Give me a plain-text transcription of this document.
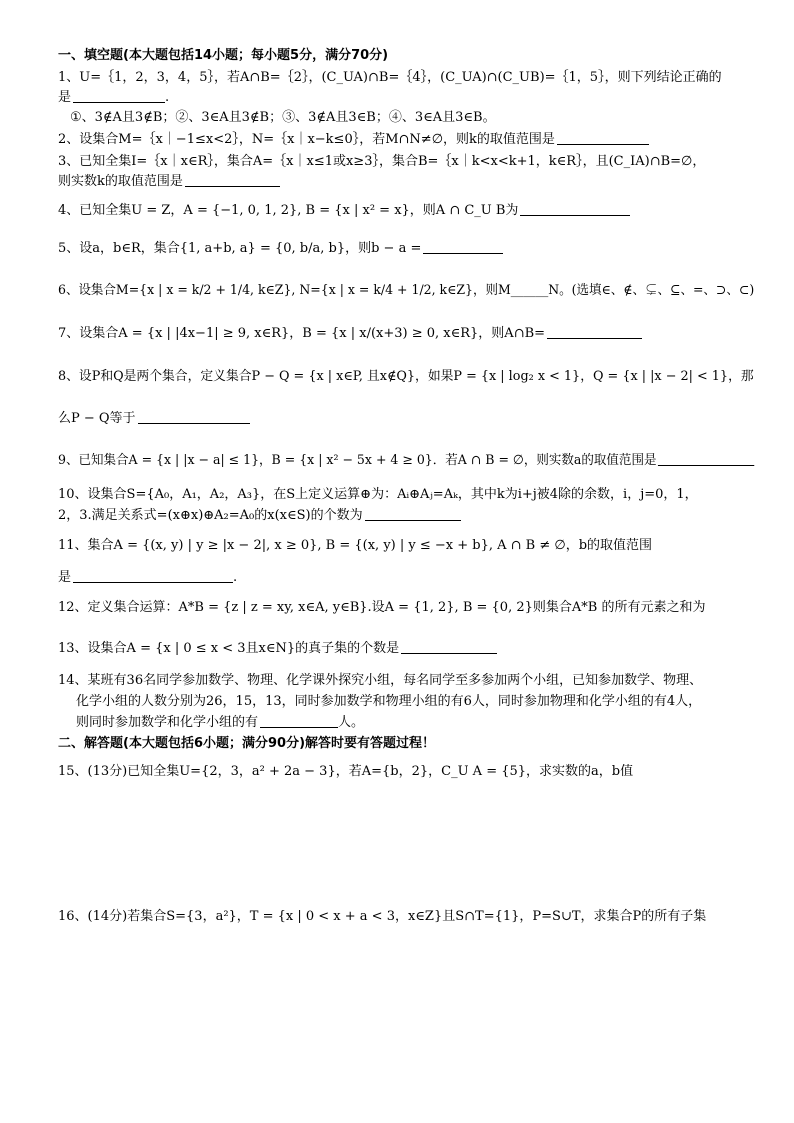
一、填空题(本大题包括14小题；每小题5分，满分70分)
1、U=｛1，2，3，4，5｝，若A∩B=｛2｝，(C_UA)∩B=｛4｝，(C_UA)∩(C_UB)=｛1，5｝，则下列结论正确的
是	.
①、3∉A且3∉B；②、3∈A且3∉B；③、3∉A且3∈B；④、3∈A且3∈B。
2、设集合M=｛x｜−1≤x<2｝，N=｛x｜x−k≤0｝，若M∩N≠∅，则k的取值范围是
3、已知全集I=｛x｜x∈R｝，集合A=｛x｜x≤1或x≥3｝，集合B=｛x｜k<x<k+1，k∈R｝，且(C_IA)∩B=∅，
则实数k的取值范围是
4、已知全集U = Z，A = {−1, 0, 1, 2}, B = {x | x² = x}，则A ∩ C_U B为
5、设a，b∈R，集合{1, a+b, a} = {0, b/a, b}，则b − a =
6、设集合M={x | x = k/2 + 1/4, k∈Z}, N={x | x = k/4 + 1/2, k∈Z}，则M______N。(选填∈、∉、⊊、⊆、=、⊃、⊂)
7、设集合A = {x | |4x−1| ≥ 9, x∈R}，B = {x | x/(x+3) ≥ 0, x∈R}，则A∩B=
8、设P和Q是两个集合，定义集合P − Q = {x | x∈P, 且x∉Q}，如果P = {x | log₂ x < 1}，Q = {x | |x − 2| < 1}，那
么P − Q等于
9、已知集合A = {x | |x − a| ≤ 1}，B = {x | x² − 5x + 4 ≥ 0}．若A ∩ B = ∅，则实数a的取值范围是
10、设集合S={A₀，A₁，A₂，A₃}，在S上定义运算⊕为：Aᵢ⊕Aⱼ=Aₖ，其中k为i+j被4除的余数，i，j=0，1，
2，3.满足关系式=(x⊕x)⊕A₂=A₀的x(x∈S)的个数为
11、集合A = {(x, y) | y ≥ |x − 2|, x ≥ 0}, B = {(x, y) | y ≤ −x + b}, A ∩ B ≠ ∅，b的取值范围
是	.
12、定义集合运算：A*B = {z | z = xy, x∈A, y∈B}.设A = {1, 2}, B = {0, 2}则集合A*B 的所有元素之和为
13、设集合A = {x | 0 ≤ x < 3且x∈N}的真子集的个数是
14、某班有36名同学参加数学、物理、化学课外探究小组，每名同学至多参加两个小组，已知参加数学、物理、
化学小组的人数分别为26，15，13，同时参加数学和物理小组的有6人，同时参加物理和化学小组的有4人，
则同时参加数学和化学小组的有	人。
二、解答题(本大题包括6小题；满分90分)解答时要有答题过程！
15、(13分)已知全集U={2，3，a² + 2a − 3}，若A={b，2}，C_U A = {5}，求实数的a，b值
16、(14分)若集合S={3，a²}，T = {x | 0 < x + a < 3，x∈Z}且S∩T={1}，P=S∪T，求集合P的所有子集
